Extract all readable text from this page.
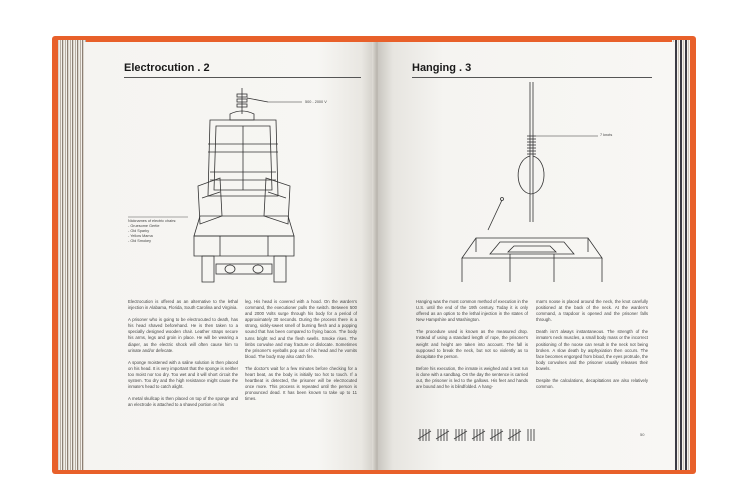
Electrocution . 2
500 - 2000 V
Nicknames of electric chairs:
- Gruesome Gertie
- Old Sparky
- Yellow Mama
- Old Smokey

Electrocution is offered as an alternative to the lethal injection in Alabama, Florida, South Carolina and Virginia.

A prisoner who is going to be electrocuted to death, has his head shaved beforehand. He is then taken to a specially designed wooden chair. Leather straps secure his arms, legs and groin in place. He will be wearing a diaper, as the electric shock will often cause him to urinate and/or defecate.

A sponge moistened with a saline solution is then placed on his head. It is very important that the sponge is neither too moist nor too dry. Too wet and it will short circuit the system. Too dry and the high resistance might cause the inmate's head to catch alight.

A metal skullcap is then placed on top of the sponge and an electrode is attached to a shaved portion on his

leg. His head is covered with a hood. On the warden's command, the executioner pulls the switch. Between 500 and 2000 Volts surge through his body for a period of approximately 30 seconds. During the process there is a strong, sickly-sweet smell of burning flesh and a popping sound that has been compared to frying bacon. The body turns bright red and the flesh swells. Smoke rises. The limbs convulse and may fracture or dislocate. Sometimes the prisoner's eyeballs pop out of his head and he vomits blood. The body may also catch fire.

The doctor's wait for a few minutes before checking for a heart beat, as the body is initially too hot to touch. If a heartbeat is detected, the prisoner will be electrocuted once more. This process is repeated until the person is pronounced dead. It has been known to take up to 11 times.

Hanging . 3
7 knots

Hanging was the most common method of execution in the U.S. until the end of the 19th century. Today it is only offered as an option to the lethal injection in the states of New Hampshire and Washington.

The procedure used is known as the measured drop. Instead of using a standard length of rope, the prisoner's weight and height are taken into account. The fall is supposed to break the neck, but not so violently as to decapitate the person.

Before his execution, the inmate is weighed and a test run is done with a sandbag. On the day the sentence is carried out, the prisoner is led to the gallows. His feet and hands are bound and he is blindfolded. A hang-

man's noose is placed around the neck, the knot carefully positioned at the back of the neck. At the warden's command, a trapdoor is opened and the prisoner falls through.

Death isn't always instantaneous. The strength of the inmate's neck muscles, a small body mass or the incorrect positioning of the noose can result in the neck not being broken. A slow death by asphyxiation then occurs. The face becomes engorged from blood, the eyes protrude, the body convulses and the prisoner usually releases their bowels.

Despite the calculations, decapitations are also relatively common.

50
